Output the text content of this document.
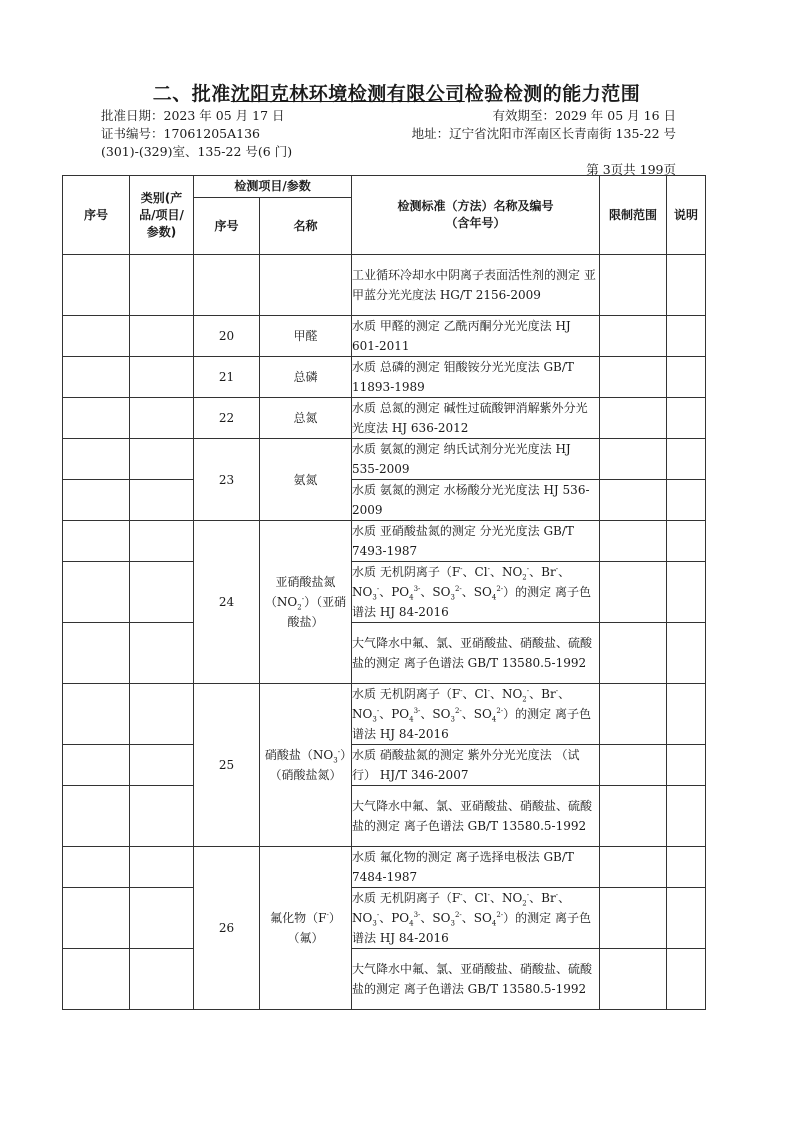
二、批准沈阳克林环境检测有限公司检验检测的能力范围
批准日期：2023 年 05 月 17 日	有效期至：2029 年 05 月 16 日
证书编号：17061205A136	地址：辽宁省沈阳市浑南区长青南街 135-22 号
(301)-(329)室、135-22 号(6 门)
第 3页共 199页
序号	类别(产品/项目/参数)	检测项目/参数		检测标准（方法）名称及编号（含年号）	限制范围	说明
		序号	名称			
				工业循环冷却水中阴离子表面活性剂的测定 亚甲蓝分光光度法 HG/T 2156-2009		
		20	甲醛	水质 甲醛的测定 乙酰丙酮分光光度法 HJ 601-2011		
		21	总磷	水质 总磷的测定 钼酸铵分光光度法 GB/T 11893-1989		
		22	总氮	水质 总氮的测定 碱性过硫酸钾消解紫外分光光度法 HJ 636-2012		
		23	氨氮	水质 氨氮的测定 纳氏试剂分光光度法 HJ 535-2009		
				水质 氨氮的测定 水杨酸分光光度法 HJ 536-2009		
		24	亚硝酸盐氮
$(NO_2^-)$（亚硝酸盐）	水质 亚硝酸盐氮的测定 分光光度法 GB/T 7493-1987		
				水质 无机阴离子（F-、Cl-、$NO_2^-$、Br-、$NO_3^-$、$PO_4^{3-}$、$SO_3^{2-}$、$SO_4^{2-}$）的测定 离子色谱法 HJ 84-2016		
				大气降水中氟、氯、亚硝酸盐、硝酸盐、硫酸盐的测定 离子色谱法 GB/T 13580.5-1992		
		25	硝酸盐$(NO_3^-)$（硝酸盐氮）	水质 无机阴离子（F-、Cl-、$NO_2^-$、Br-、$NO_3^-$、$PO_4^{3-}$、$SO_3^{2-}$、$SO_4^{2-}$）的测定 离子色谱法 HJ 84-2016		
				水质 硝酸盐氮的测定 紫外分光光度法 （试行） HJ/T 346-2007		
				大气降水中氟、氯、亚硝酸盐、硝酸盐、硫酸盐的测定 离子色谱法 GB/T 13580.5-1992		
		26	氟化物（F-）（氟）	水质 氟化物的测定 离子选择电极法 GB/T 7484-1987		
				水质 无机阴离子（F-、Cl-、$NO_2^-$、Br-、$NO_3^-$、$PO_4^{3-}$、$SO_3^{2-}$、$SO_4^{2-}$）的测定 离子色谱法 HJ 84-2016		
				大气降水中氟、氯、亚硝酸盐、硝酸盐、硫酸盐的测定 离子色谱法 GB/T 13580.5-1992		
